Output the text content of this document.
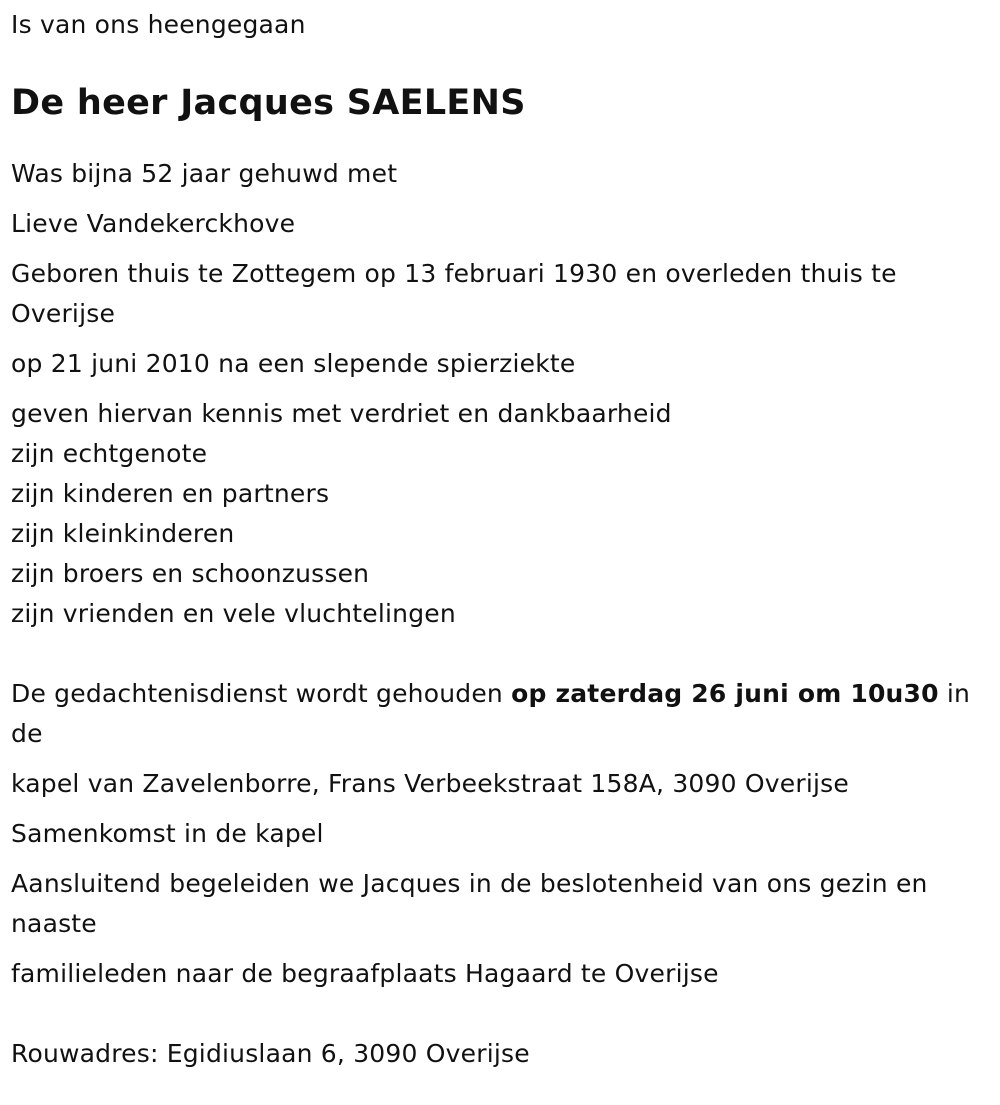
Is van ons heengegaan
De heer Jacques SAELENS
Was bijna 52 jaar gehuwd met
Lieve Vandekerckhove
Geboren thuis te Zottegem op 13 februari 1930 en overleden thuis te Overijse
op 21 juni 2010 na een slepende spierziekte
geven hiervan kennis met verdriet en dankbaarheid
zijn echtgenote
zijn kinderen en partners
zijn kleinkinderen
zijn broers en schoonzussen
zijn vrienden en vele vluchtelingen
De gedachtenisdienst wordt gehouden op zaterdag 26 juni om 10u30 in de
kapel van Zavelenborre, Frans Verbeekstraat 158A, 3090 Overijse
Samenkomst in de kapel
Aansluitend begeleiden we Jacques in de beslotenheid van ons gezin en naaste
familieleden naar de begraafplaats Hagaard te Overijse
Rouwadres: Egidiuslaan 6, 3090 Overijse
